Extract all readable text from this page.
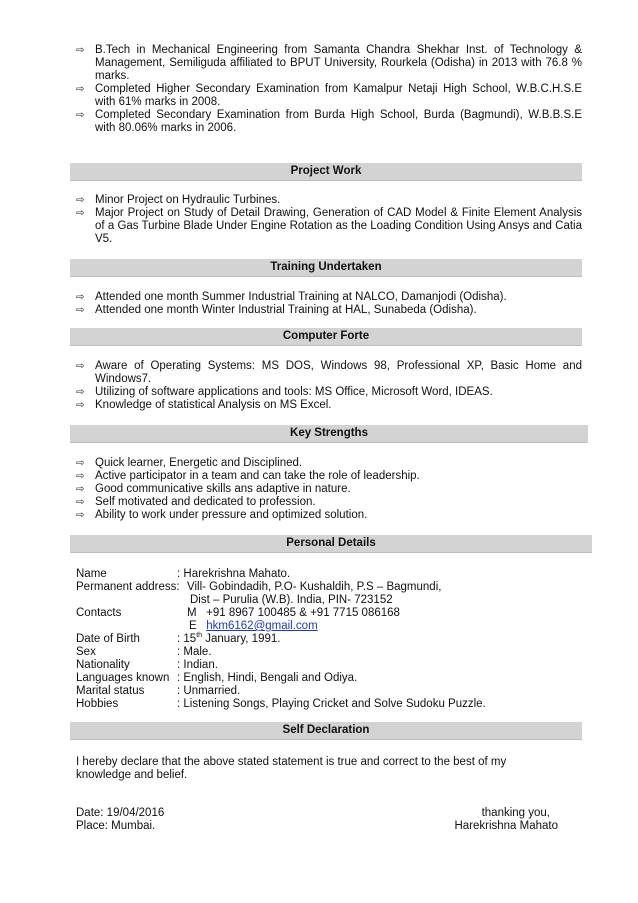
⇨ B.Tech in Mechanical Engineering from Samanta Chandra Shekhar Inst. of Technology & Management, Semiliguda affiliated to BPUT University, Rourkela (Odisha) in 2013 with 76.8 % marks.
⇨ Completed Higher Secondary Examination from Kamalpur Netaji High School, W.B.C.H.S.E with 61% marks in 2008.
⇨ Completed Secondary Examination from Burda High School, Burda (Bagmundi), W.B.B.S.E with 80.06% marks in 2006.
Project Work
⇨ Minor Project on Hydraulic Turbines.
⇨ Major Project on Study of Detail Drawing, Generation of CAD Model & Finite Element Analysis of a Gas Turbine Blade Under Engine Rotation as the Loading Condition Using Ansys and Catia V5.
Training Undertaken
⇨ Attended one month Summer Industrial Training at NALCO, Damanjodi (Odisha).
⇨ Attended one month Winter Industrial Training at HAL, Sunabeda (Odisha).
Computer Forte
⇨ Aware of Operating Systems: MS DOS, Windows 98, Professional XP, Basic Home and Windows7.
⇨ Utilizing of software applications and tools: MS Office, Microsoft Word, IDEAS.
⇨ Knowledge of statistical Analysis on MS Excel.
Key Strengths
⇨ Quick learner, Energetic and Disciplined.
⇨ Active participator in a team and can take the role of leadership.
⇨ Good communicative skills ans adaptive in nature.
⇨ Self motivated and dedicated to profession.
⇨ Ability to work under pressure and optimized solution.
Personal Details
Name	: Harekrishna Mahato.
Permanent address: Vill- Gobindadih, P.O- Kushaldih, P.S – Bagmundi,
Dist – Purulia (W.B). India, PIN- 723152
Contacts	M   +91 8967 100485 & +91 7715 086168
E hkm6162@gmail.com
Date of Birth	: 15th January, 1991.
Sex	: Male.
Nationality	: Indian.
Languages known : English, Hindi, Bengali and Odiya.
Marital status	: Unmarried.
Hobbies	: Listening Songs, Playing Cricket and Solve Sudoku Puzzle.
Self Declaration
I hereby declare that the above stated statement is true and correct to the best of my knowledge and belief.
Date: 19/04/2016	thanking you,
Place: Mumbai.	Harekrishna Mahato
